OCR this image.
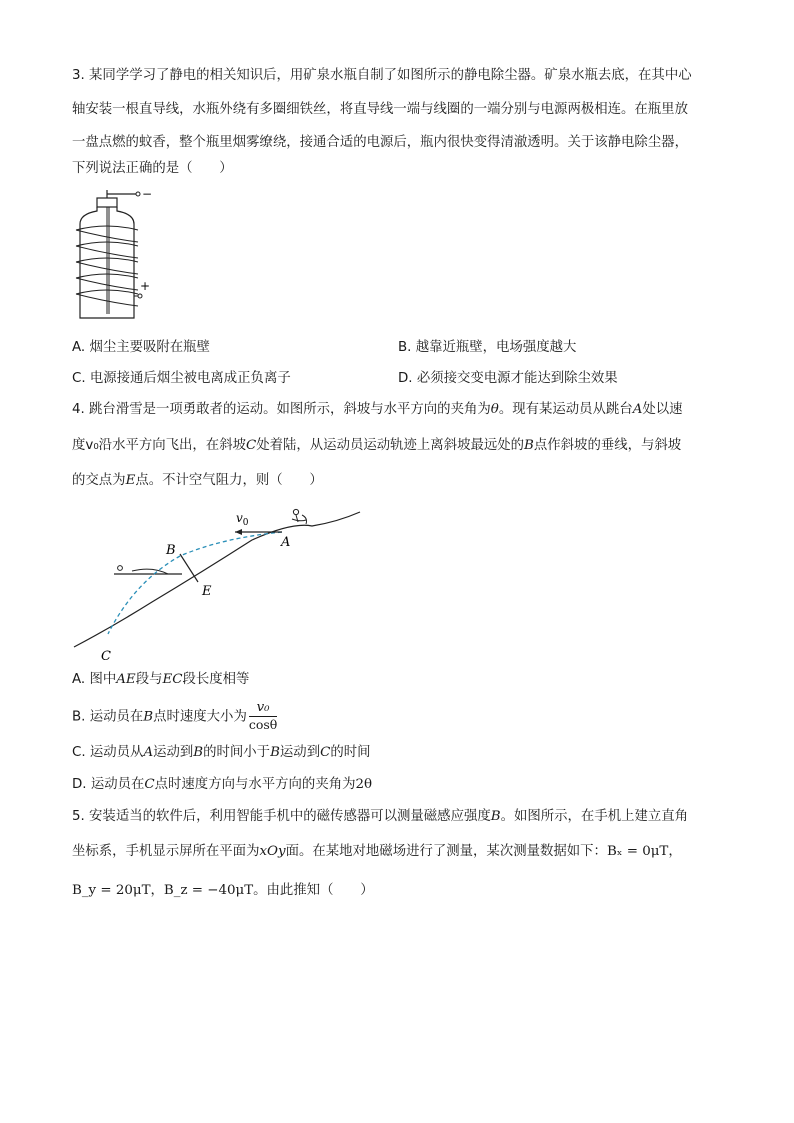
3. 某同学学习了静电的相关知识后，用矿泉水瓶自制了如图所示的静电除尘器。矿泉水瓶去底，在其中心
轴安装一根直导线，水瓶外绕有多圈细铁丝，将直导线一端与线圈的一端分别与电源两极相连。在瓶里放
一盘点燃的蚊香，整个瓶里烟雾缭绕，接通合适的电源后，瓶内很快变得清澈透明。关于该静电除尘器，
下列说法正确的是（　　）
−
+
A. 烟尘主要吸附在瓶壁	B. 越靠近瓶壁，电场强度越大
C. 电源接通后烟尘被电离成正负离子	D. 必须接交变电源才能达到除尘效果
4. 跳台滑雪是一项勇敢者的运动。如图所示，斜坡与水平方向的夹角为θ。现有某运动员从跳台A处以速
度v₀沿水平方向飞出，在斜坡C处着陆，从运动员运动轨迹上离斜坡最远处的B点作斜坡的垂线，与斜坡
的交点为E点。不计空气阻力，则（　　）
$v_0$
A
B
E
C
A. 图中AE段与EC段长度相等
B. 运动员在B点时速度大小为 $\frac{\text{v₀}}{\cos\theta}$
C. 运动员从A运动到B的时间小于B运动到C的时间
D. 运动员在C点时速度方向与水平方向的夹角为2θ
5. 安装适当的软件后，利用智能手机中的磁传感器可以测量磁感应强度B。如图所示，在手机上建立直角
坐标系，手机显示屏所在平面为xOy面。在某地对地磁场进行了测量，某次测量数据如下：Bₓ = 0μT，
B_y = 20μT，B_z = −40μT。由此推知（　　）
